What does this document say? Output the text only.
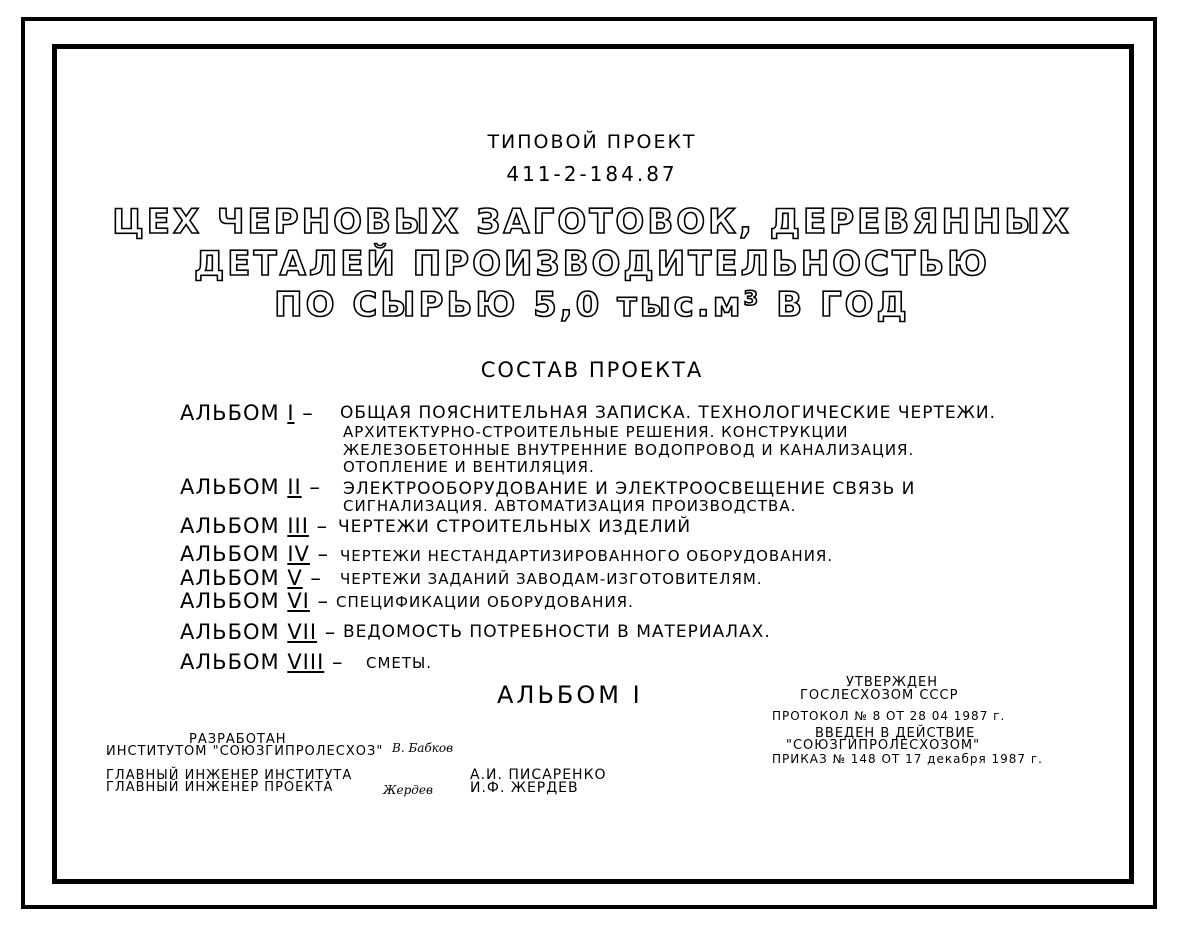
ТИПОВОЙ ПРОЕКТ
411-2-184.87
ЦЕХ ЧЕРНОВЫХ ЗАГОТОВОК, ДЕРЕВЯННЫХ
ДЕТАЛЕЙ ПРОИЗВОДИТЕЛЬНОСТЬЮ
ПО СЫРЬЮ 5,0 тыс.м³ В ГОД
СОСТАВ ПРОЕКТА
АЛЬБОМ I – ОБЩАЯ ПОЯСНИТЕЛЬНАЯ ЗАПИСКА. ТЕХНОЛОГИЧЕСКИЕ ЧЕРТЕЖИ.
АРХИТЕКТУРНО-СТРОИТЕЛЬНЫЕ РЕШЕНИЯ. КОНСТРУКЦИИ
ЖЕЛЕЗОБЕТОННЫЕ ВНУТРЕННИЕ ВОДОПРОВОД И КАНАЛИЗАЦИЯ.
ОТОПЛЕНИЕ И ВЕНТИЛЯЦИЯ.
АЛЬБОМ II – ЭЛЕКТРООБОРУДОВАНИЕ И ЭЛЕКТРООСВЕЩЕНИЕ СВЯЗЬ И
СИГНАЛИЗАЦИЯ. АВТОМАТИЗАЦИЯ ПРОИЗВОДСТВА.
АЛЬБОМ III – ЧЕРТЕЖИ СТРОИТЕЛЬНЫХ ИЗДЕЛИЙ
АЛЬБОМ IV – ЧЕРТЕЖИ НЕСТАНДАРТИЗИРОВАННОГО ОБОРУДОВАНИЯ.
АЛЬБОМ V – ЧЕРТЕЖИ ЗАДАНИЙ ЗАВОДАМ-ИЗГОТОВИТЕЛЯМ.
АЛЬБОМ VI – СПЕЦИФИКАЦИИ ОБОРУДОВАНИЯ.
АЛЬБОМ VII – ВЕДОМОСТЬ ПОТРЕБНОСТИ В МАТЕРИАЛАХ.
АЛЬБОМ VIII – СМЕТЫ.
АЛЬБОМ I	УТВЕРЖДЕН
ГОСЛЕСХОЗОМ СССР
ПРОТОКОЛ № 8 ОТ 28 04 1987 г.
ВВЕДЕН В ДЕЙСТВИЕ
"СОЮЗГИПРОЛЕСХОЗОМ"
ПРИКАЗ № 148 ОТ 17 декабря 1987 г.
РАЗРАБОТАН
ИНСТИТУТОМ "СОЮЗГИПРОЛЕСХОЗ" В. Бабков
ГЛАВНЫЙ ИНЖЕНЕР ИНСТИТУТА
ГЛАВНЫЙ ИНЖЕНЕР ПРОЕКТА	Жердев
А.И. ПИСАРЕНКО
И.Ф. ЖЕРДЕВ
